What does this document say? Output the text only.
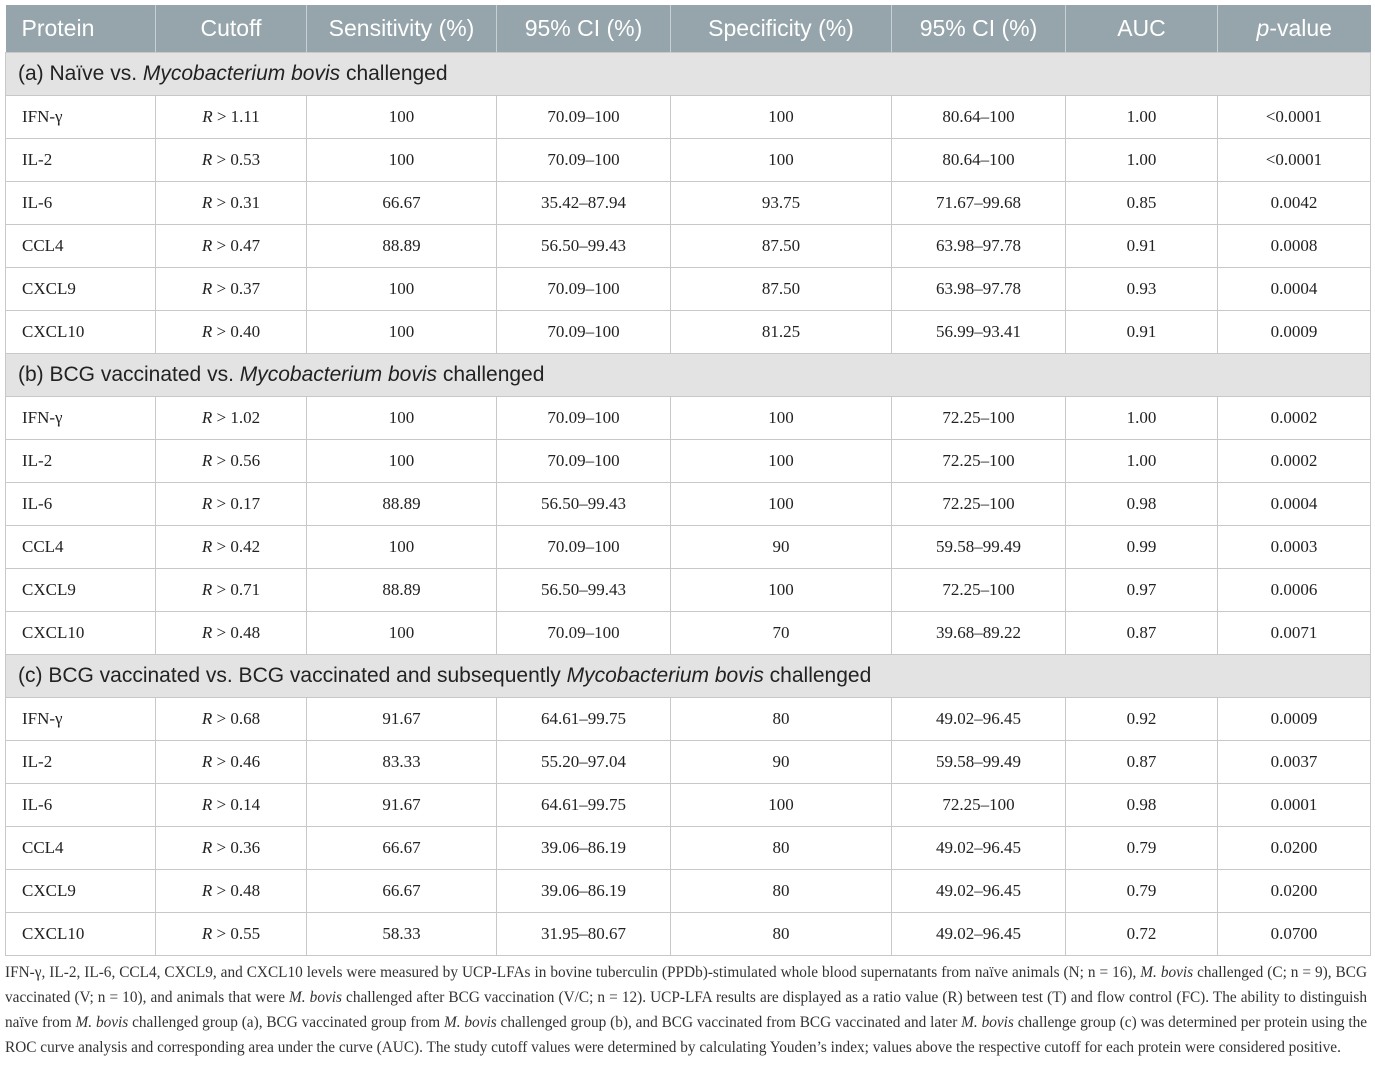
Protein	Cutoff	Sensitivity (%)	95% CI (%)	Specificity (%)	95% CI (%)	AUC	p-value
(a) Naïve vs. Mycobacterium bovis challenged							
IFN-γ	R > 1.11	100	70.09–100	100	80.64–100	1.00	<0.0001
IL-2	R > 0.53	100	70.09–100	100	80.64–100	1.00	<0.0001
IL-6	R > 0.31	66.67	35.42–87.94	93.75	71.67–99.68	0.85	0.0042
CCL4	R > 0.47	88.89	56.50–99.43	87.50	63.98–97.78	0.91	0.0008
CXCL9	R > 0.37	100	70.09–100	87.50	63.98–97.78	0.93	0.0004
CXCL10	R > 0.40	100	70.09–100	81.25	56.99–93.41	0.91	0.0009
(b) BCG vaccinated vs. Mycobacterium bovis challenged							
IFN-γ	R > 1.02	100	70.09–100	100	72.25–100	1.00	0.0002
IL-2	R > 0.56	100	70.09–100	100	72.25–100	1.00	0.0002
IL-6	R > 0.17	88.89	56.50–99.43	100	72.25–100	0.98	0.0004
CCL4	R > 0.42	100	70.09–100	90	59.58–99.49	0.99	0.0003
CXCL9	R > 0.71	88.89	56.50–99.43	100	72.25–100	0.97	0.0006
CXCL10	R > 0.48	100	70.09–100	70	39.68–89.22	0.87	0.0071
(c) BCG vaccinated vs. BCG vaccinated and subsequently Mycobacterium bovis challenged							
IFN-γ	R > 0.68	91.67	64.61–99.75	80	49.02–96.45	0.92	0.0009
IL-2	R > 0.46	83.33	55.20–97.04	90	59.58–99.49	0.87	0.0037
IL-6	R > 0.14	91.67	64.61–99.75	100	72.25–100	0.98	0.0001
CCL4	R > 0.36	66.67	39.06–86.19	80	49.02–96.45	0.79	0.0200
CXCL9	R > 0.48	66.67	39.06–86.19	80	49.02–96.45	0.79	0.0200
CXCL10	R > 0.55	58.33	31.95–80.67	80	49.02–96.45	0.72	0.0700
IFN-γ, IL-2, IL-6, CCL4, CXCL9, and CXCL10 levels were measured by UCP-LFAs in bovine tuberculin (PPDb)-stimulated whole blood supernatants from naïve animals (N; n = 16), M. bovis challenged (C; n = 9), BCG vaccinated (V; n = 10), and animals that were M. bovis challenged after BCG vaccination (V/C; n = 12). UCP-LFA results are displayed as a ratio value (R) between test (T) and flow control (FC). The ability to distinguish naïve from M. bovis challenged group (a), BCG vaccinated group from M. bovis challenged group (b), and BCG vaccinated from BCG vaccinated and later M. bovis challenge group (c) was determined per protein using the ROC curve analysis and corresponding area under the curve (AUC). The study cutoff values were determined by calculating Youden’s index; values above the respective cutoff for each protein were considered positive.
